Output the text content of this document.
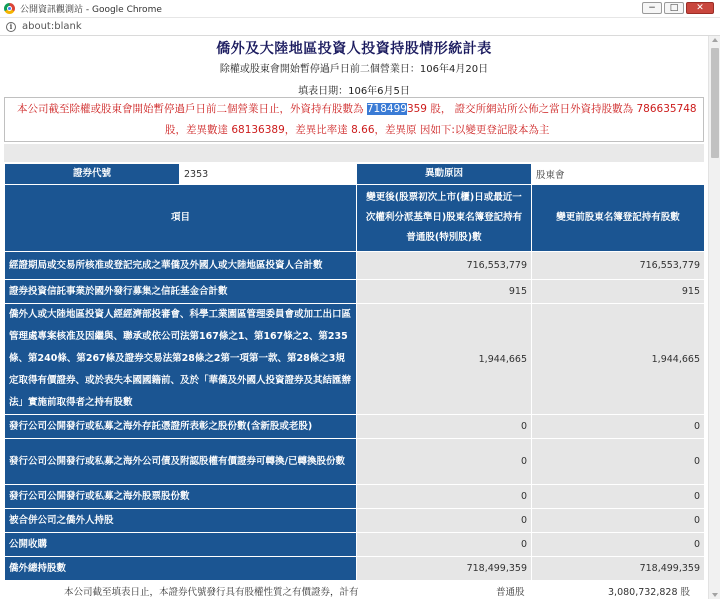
公開資訊觀測站 - Google Chrome	−	□	✕
i about:blank
僑外及大陸地區投資人投資持股情形統計表
除權或股東會開始暫停過戶日前二個營業日：106年4月20日
填表日期：106年6月5日
本公司截至除權或股東會開始暫停過戶日前二個營業日止，外資持有股數為 718499359 股， 證交所網站所公佈之當日外資持股數為 786635748
股，差異數達 68136389，差異比率達 8.66，差異原 因如下:以變更登記股本為主
證券代號	2353	異動原因	股東會
項目		變更後(股票初次上市(櫃)日或最近一次權利分派基準日)股東名簿登記持有普通股(特別股)數	變更前股東名簿登記持有股數
經證期局或交易所核准或登記完成之華僑及外國人或大陸地區投資人合計數		716,553,779	716,553,779
證券投資信託事業於國外發行募集之信託基金合計數		915	915
僑外人或大陸地區投資人經經濟部投審會、科學工業園區管理委員會或加工出口區管理處專案核准及因繼與、聯承或依公司法第167條之1、第167條之2、第235條、第240條、第267條及證券交易法第28條之2第一項第一款、第28條之3規定取得有價證券、或於表失本國國籍前、及於「華僑及外國人投資證券及其結匯辦法」實施前取得者之持有股數		1,944,665	1,944,665
發行公司公開發行或私募之海外存託憑證所表彰之股份數(含新股或老股)		0	0
發行公司公開發行或私募之海外公司債及附認股權有價證券可轉換/已轉換股份數		0	0
發行公司公開發行或私募之海外股票股份數		0	0
被合併公司之僑外人持股		0	0
公開收購		0	0
僑外總持股數		718,499,359	718,499,359
本公司截至填表日止，本證券代號發行具有股權性質之有價證券，計有	普通股	3,080,732,828 股
